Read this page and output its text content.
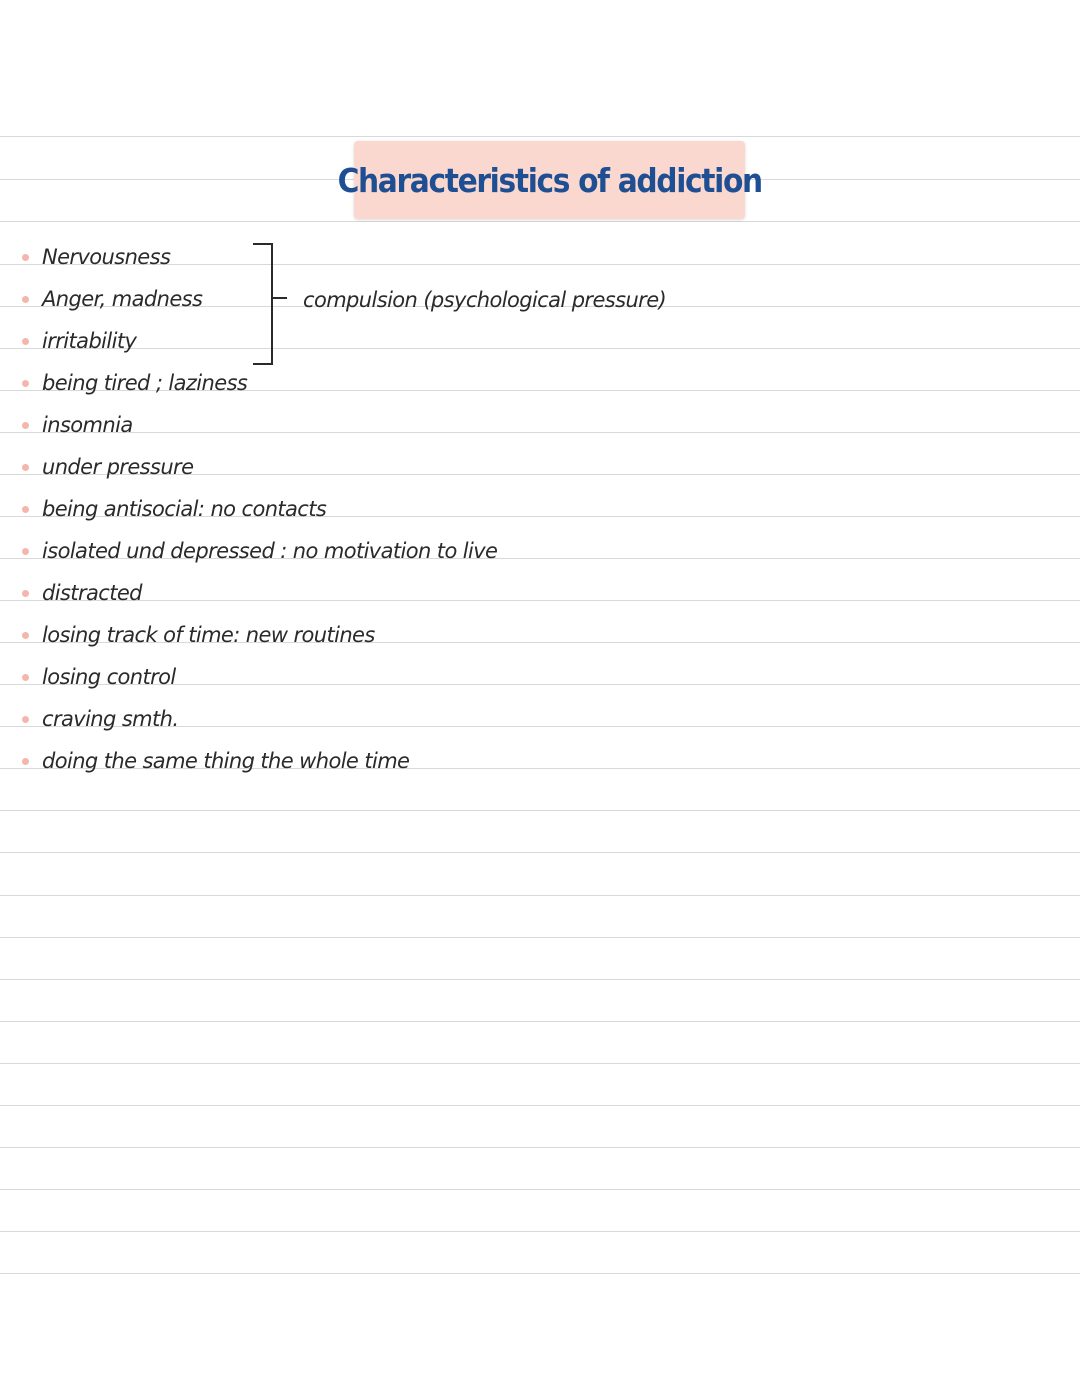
Characteristics of addiction
Nervousness
Anger, madness
irritability
being tired ; laziness
insomnia
under pressure
being antisocial: no contacts
isolated und depressed : no motivation to live
distracted
losing track of time: new routines
losing control
craving smth.
doing the same thing the whole time
compulsion (psychological pressure)
